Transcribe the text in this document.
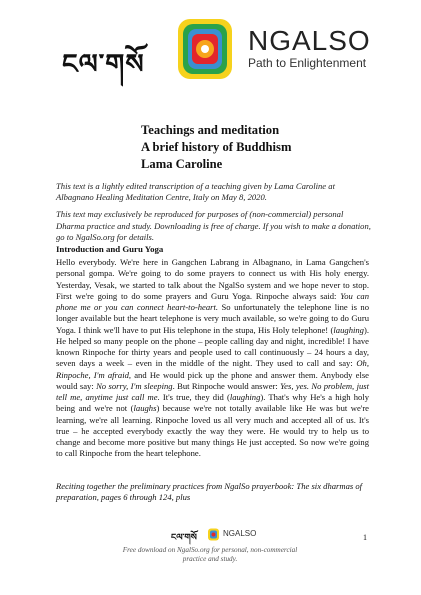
ངལ་གསོ
NGALSO
Path to Enlightenment
Teachings and meditation
A brief history of Buddhism
Lama Caroline

This text is a lightly edited transcription of a teaching given by Lama Caroline at Albagnano Healing Meditation Centre, Italy on May 8, 2020.

This text may exclusively be reproduced for purposes of (non-commercial) personal Dharma practice and study. Downloading is free of charge. If you wish to make a donation, go to NgalSo.org for details.

Introduction and Guru Yoga

Hello everybody. We're here in Gangchen Labrang in Albagnano, in Lama Gangchen's personal gompa. We're going to do some prayers to connect us with His holy energy. Yesterday, Vesak, we started to talk about the NgalSo system and we hope never to stop. First we're going to do some prayers and Guru Yoga. Rinpoche always said: You can phone me or you can connect heart-to-heart. So unfortunately the telephone line is no longer available but the heart telephone is very much available, so we're going to do Guru Yoga. I think we'll have to put His telephone in the stupa, His Holy telephone! (laughing). He helped so many people on the phone – people calling day and night, incredible! I have known Rinpoche for thirty years and people used to call continuously – 24 hours a day, seven days a week – even in the middle of the night. They used to call and say: Oh, Rinpoche, I'm afraid, and He would pick up the phone and answer them. Anybody else would say: No sorry, I'm sleeping. But Rinpoche would answer: Yes, yes. No problem, just tell me, anytime just call me. It's true, they did (laughing). That's why He's a high holy being and we're not (laughs) because we're not totally available like He was but we're learning, we're all learning. Rinpoche loved us all very much and accepted all of us. It's true – he accepted everybody exactly the way they were. He would try to help us to change and become more positive but many things He just accepted. So now we're going to call Rinpoche from the heart telephone.

Reciting together the preliminary practices from NgalSo prayerbook: The six dharmas of preparation, pages 6 through 124, plus
ངལ་གསོ	NGALSO
Free download on NgalSo.org for personal, non-commercial practice and study.
1
